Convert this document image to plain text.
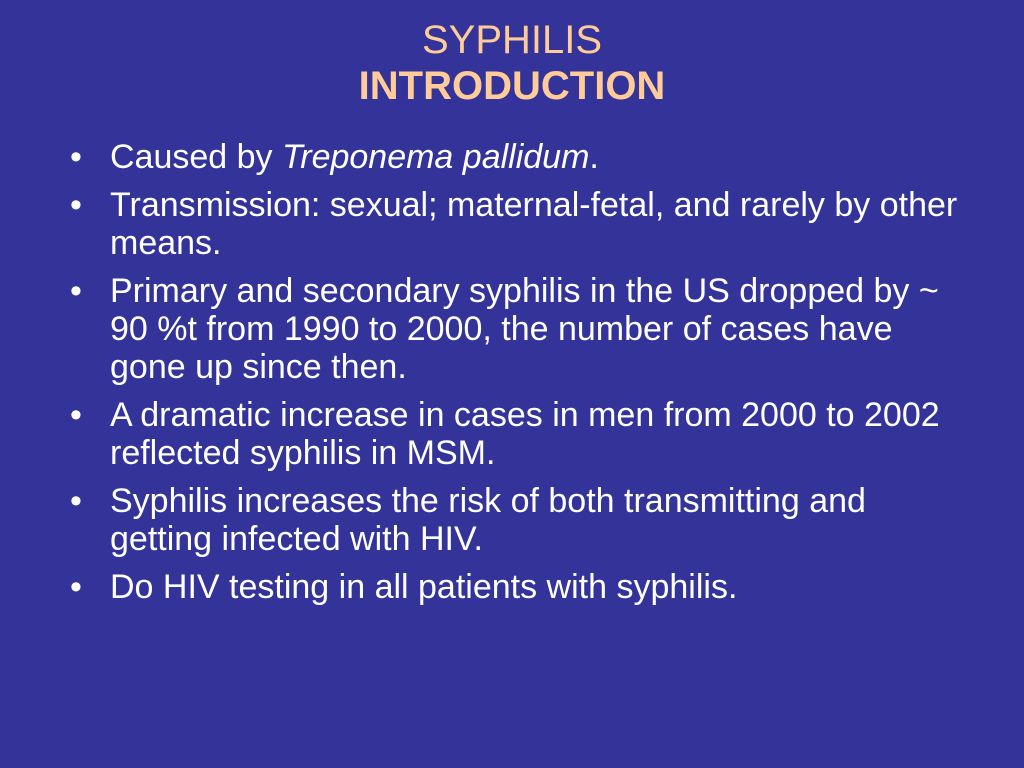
SYPHILIS
INTRODUCTION
• Caused by Treponema pallidum.
• Transmission: sexual; maternal-fetal, and rarely by other means.
• Primary and secondary syphilis in the US dropped by ~ 90 %t from 1990 to 2000, the number of cases have gone up since then.
• A dramatic increase in cases in men from 2000 to 2002 reflected syphilis in MSM.
• Syphilis increases the risk of both transmitting and getting infected with HIV.
• Do HIV testing in all patients with syphilis.
